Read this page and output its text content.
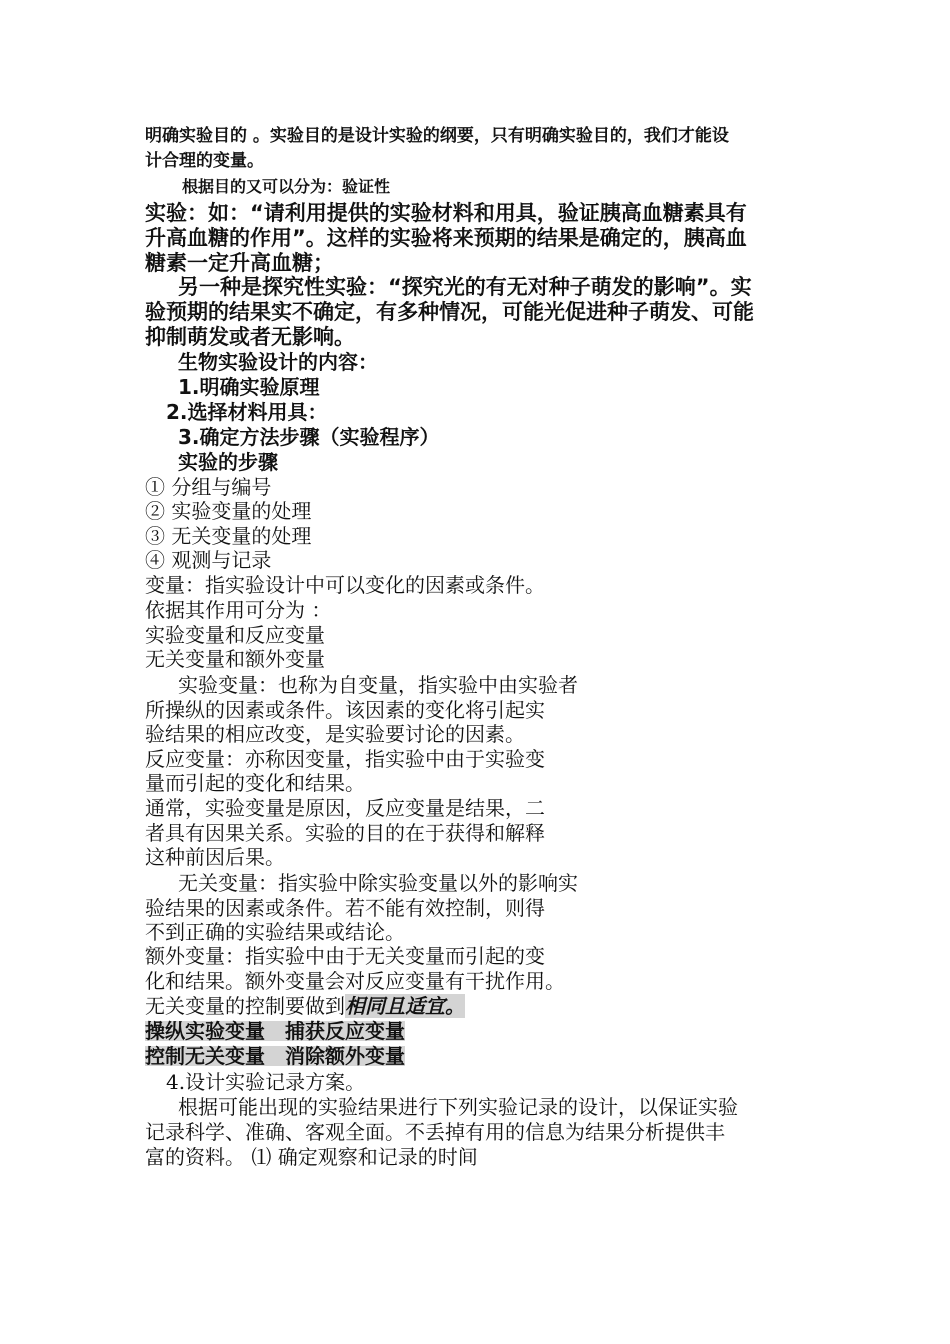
明确实验目的 。实验目的是设计实验的纲要，只有明确实验目的，我们才能设
计合理的变量。
根据目的又可以分为：验证性
实验：如：“请利用提供的实验材料和用具，验证胰高血糖素具有
升高血糖的作用”。这样的实验将来预期的结果是确定的，胰高血
糖素一定升高血糖；
另一种是探究性实验：“探究光的有无对种子萌发的影响”。实
验预期的结果实不确定，有多种情况，可能光促进种子萌发、可能
抑制萌发或者无影响。
生物实验设计的内容：
1.明确实验原理
2.选择材料用具：
3.确定方法步骤（实验程序）
实验的步骤
① 分组与编号
② 实验变量的处理
③ 无关变量的处理
④ 观测与记录
变量：指实验设计中可以变化的因素或条件。
依据其作用可分为 ：
实验变量和反应变量
无关变量和额外变量
实验变量：也称为自变量，指实验中由实验者
所操纵的因素或条件。该因素的变化将引起实
验结果的相应改变，是实验要讨论的因素。
反应变量：亦称因变量，指实验中由于实验变
量而引起的变化和结果。
通常，实验变量是原因，反应变量是结果，二
者具有因果关系。实验的目的在于获得和解释
这种前因后果。
无关变量：指实验中除实验变量以外的影响实
验结果的因素或条件。若不能有效控制，则得
不到正确的实验结果或结论。
额外变量：指实验中由于无关变量而引起的变
化和结果。额外变量会对反应变量有干扰作用。
无关变量的控制要做到相同且适宜。
操纵实验变量　捕获反应变量
控制无关变量　消除额外变量
4.设计实验记录方案。
根据可能出现的实验结果进行下列实验记录的设计，以保证实验
记录科学、准确、客观全面。不丢掉有用的信息为结果分析提供丰
富的资料。 ⑴ 确定观察和记录的时间
